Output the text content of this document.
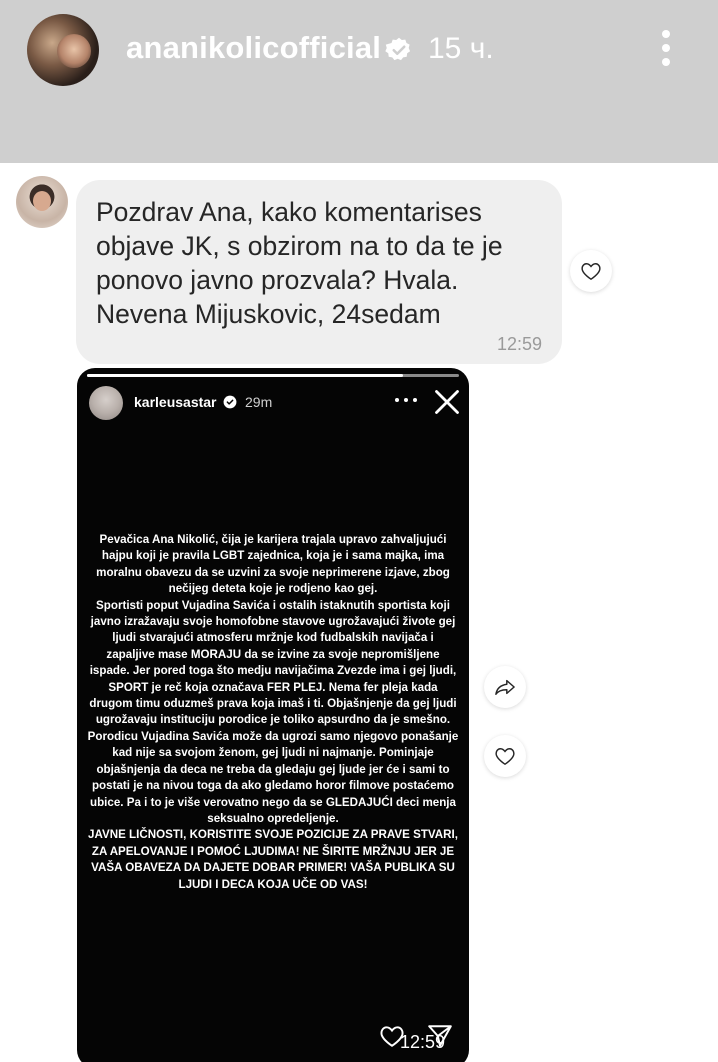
ananikolicofficial 15 ч.
Pozdrav Ana, kako komentarises objave JK, s obzirom na to da te je ponovo javno prozvala? Hvala. Nevena Mijuskovic, 24sedam
12:59
karleusastar 29m

Pevačica Ana Nikolić, čija je karijera trajala upravo zahvaljujući hajpu koji je pravila LGBT zajednica, koja je i sama majka, ima moralnu obavezu da se uzvini za svoje neprimerene izjave, zbog nečijeg deteta koje je rodjeno kao gej.

Sportisti poput Vujadina Savića i ostalih istaknutih sportista koji javno izražavaju svoje homofobne stavove ugrožavajući živote gej ljudi stvarajući atmosferu mržnje kod fudbalskih navijača i zapaljive mase MORAJU da se izvine za svoje nepromišljene ispade. Jer pored toga što medju navijačima Zvezde ima i gej ljudi, SPORT je reč koja označava FER PLEJ. Nema fer pleja kada drugom timu oduzmeš prava koja imaš i ti. Objašnjenje da gej ljudi ugrožavaju instituciju porodice je toliko apsurdno da je smešno. Porodicu Vujadina Savića može da ugrozi samo njegovo ponašanje kad nije sa svojom ženom, gej ljudi ni najmanje. Pominjaje objašnjenja da deca ne treba da gledaju gej ljude jer će i sami to postati je na nivou toga da ako gledamo horor filmove postaćemo ubice. Pa i to je više verovatno nego da se GLEDAJUĆI deci menja seksualno opredeljenje.

JAVNE LIČNOSTI, KORISTITE SVOJE POZICIJE ZA PRAVE STVARI, ZA APELOVANJE I POMOĆ LJUDIMA! NE ŠIRITE MRŽNJU JER JE VAŠA OBAVEZA DA DAJETE DOBAR PRIMER! VAŠA PUBLIKA SU LJUDI I DECA KOJA UČE OD VAS!

12:59
